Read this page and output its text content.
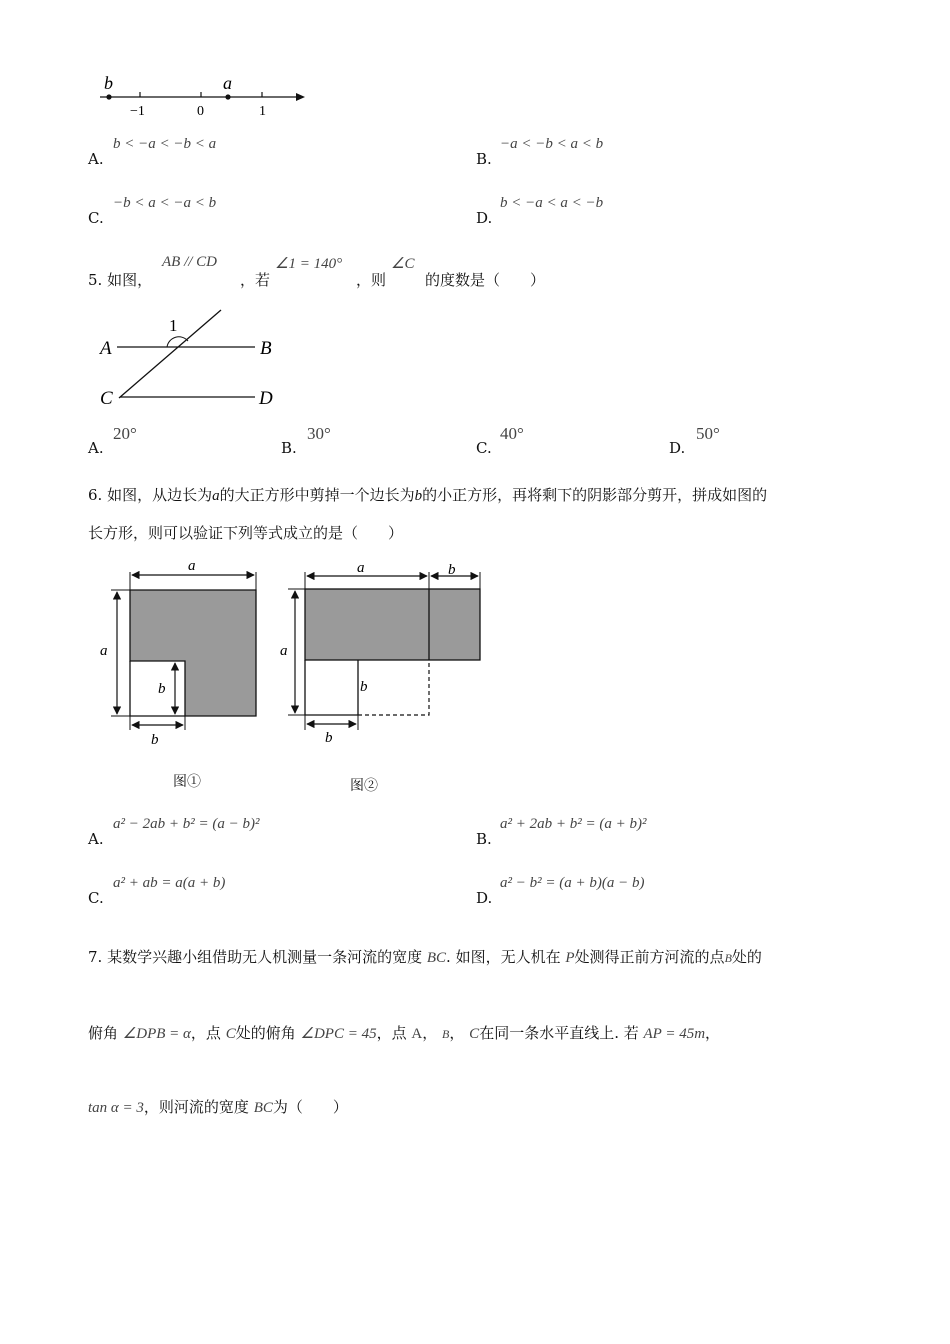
b	a
−1	0	1
A.
b < −a < −b < a
B.
−a < −b < a < b
C.
−b < a < −a < b
D.
b < −a < a < −b
5. 如图，
AB // CD
，若
∠1 = 140°
，则
∠C
的度数是（　　）
A	B
C	D
1
A.
20°
B.
30°
C.
40°
D.
50°
6. 如图，从边长为a的大正方形中剪掉一个边长为b的小正方形，再将剩下的阴影部分剪开，拼成如图的
长方形，则可以验证下列等式成立的是（　　）
a
a
b
b
a	b
a
b
b
图①	图②
A.
a² − 2ab + b² = (a − b)²
B.
a² + 2ab + b² = (a + b)²
C.
a² + ab = a(a + b)
D.
a² − b² = (a + b)(a − b)
7. 某数学兴趣小组借助无人机测量一条河流的宽度 BC. 如图，无人机在 P处测得正前方河流的点B处的
俯角 ∠DPB = α，点 C处的俯角 ∠DPC = 45，点 A， B， C在同一条水平直线上. 若 AP = 45m，
tan α = 3，则河流的宽度 BC为（　　）
